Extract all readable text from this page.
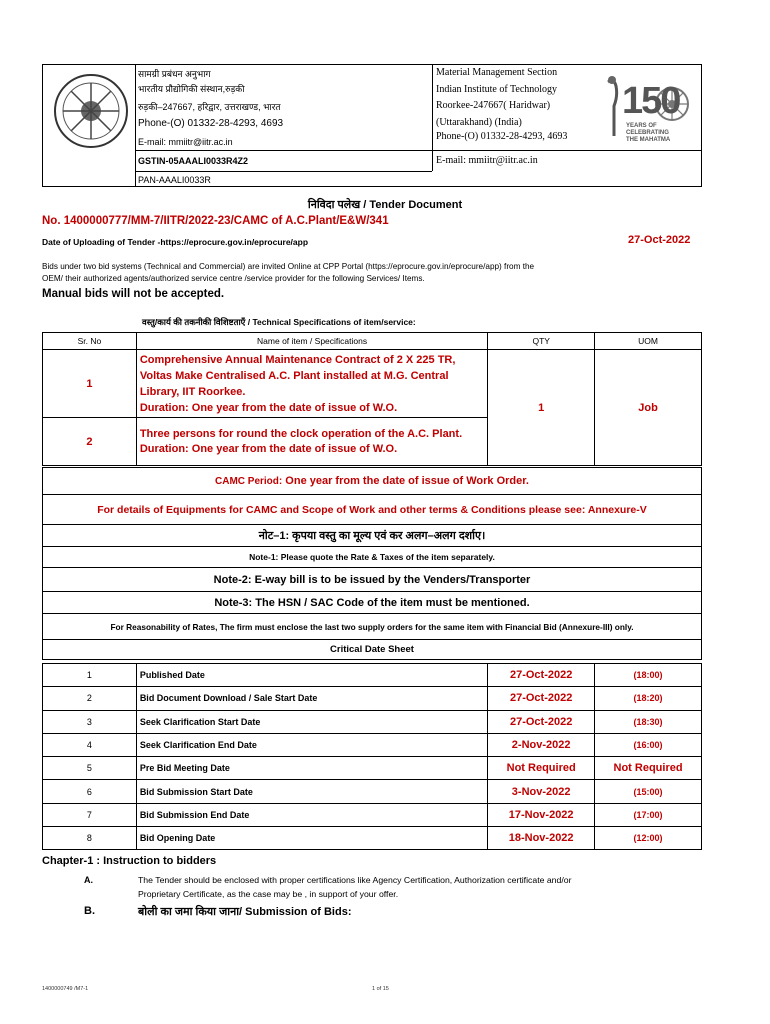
सामग्री प्रबंधन अनुभाग
भारतीय प्रौद्योगिकी संस्थान,रुड़की
रुड़की–247667, हरिद्वार, उत्तराखण्ड, भारत
Phone-(O) 01332-28-4293, 4693
E-mail: mmiitr@iitr.ac.in
GSTIN-05AAALI0033R4Z2
PAN-AAALI0033R
Material Management Section
Indian Institute of Technology
Roorkee-247667( Haridwar)
(Uttarakhand) (India)
Phone-(O) 01332-28-4293, 4693
E-mail: mmiitr@iitr.ac.in
150
YEARS OF
CELEBRATING
THE MAHATMA
निविदा पलेख / Tender Document
No. 1400000777/MM-7/IITR/2022-23/CAMC of A.C.Plant/E&W/341
Date of Uploading of Tender -https://eprocure.gov.in/eprocure/app	27-Oct-2022
Bids under two bid systems (Technical and Commercial) are invited Online at CPP Portal (https://eprocure.gov.in/eprocure/app) from the
OEM/ their authorized agents/authorized service centre /service provider for the following Services/ Items.
Manual bids will not be accepted.
वस्तु/कार्य की तकनीकी विशिष्टताएँ / Technical Specifications of item/service:
Sr. No	Name of item / Specifications	QTY	UOM
1	Comprehensive Annual Maintenance Contract of 2 X 225 TR,
Voltas Make Centralised A.C. Plant installed at M.G. Central
Library, IIT Roorkee.
Duration: One year from the date of issue of W.O.	1	Job
2	Three persons for round the clock operation of the A.C. Plant.
Duration: One year from the date of issue of W.O.		
CAMC Period: One year from the date of issue of Work Order.
For details of Equipments for CAMC and Scope of Work and other terms & Conditions please see: Annexure-V
नोट–1: कृपया वस्तु का मूल्य एवं कर अलग–अलग दर्शाए।
Note-1: Please quote the Rate & Taxes of the item separately.
Note-2: E-way bill is to be issued by the Venders/Transporter
Note-3: The HSN / SAC Code of the item must be mentioned.
For Reasonability of Rates, The firm must enclose the last two supply orders for the same item with Financial Bid (Annexure-III) only.
Critical Date Sheet
1	Published Date	27-Oct-2022	(18:00)
2	Bid Document Download / Sale Start Date	27-Oct-2022	(18:20)
3	Seek Clarification Start Date	27-Oct-2022	(18:30)
4	Seek Clarification End Date	2-Nov-2022	(16:00)
5	Pre Bid Meeting Date	Not Required	Not Required
6	Bid Submission Start Date	3-Nov-2022	(15:00)
7	Bid Submission End Date	17-Nov-2022	(17:00)
8	Bid Opening Date	18-Nov-2022	(12:00)
Chapter-1 : Instruction to bidders
A.	The Tender should be enclosed with proper certifications like Agency Certification, Authorization certificate and/or
Proprietary Certificate, as the case may be , in support of your offer.
B.	बोली का जमा किया जाना/ Submission of Bids:
1400000749 /M7-1	1 of 15
